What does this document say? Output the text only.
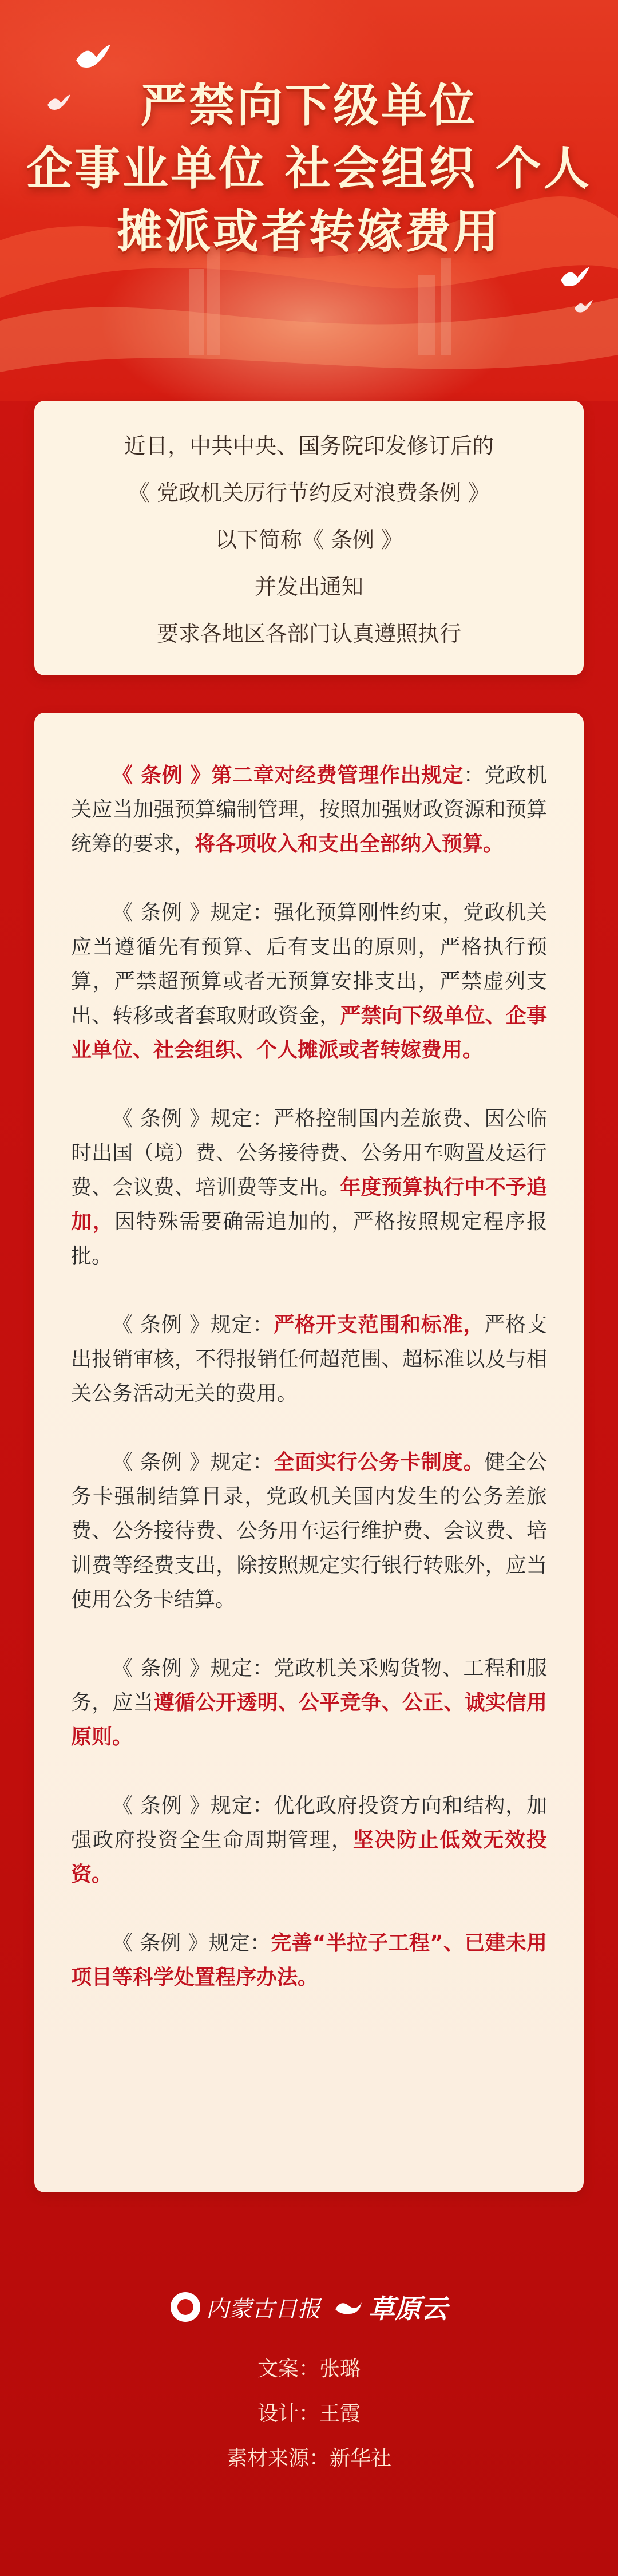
严禁向下级单位
企事业单位 社会组织 个人
摊派或者转嫁费用
近日，中共中央、国务院印发修订后的
《 党政机关厉行节约反对浪费条例 》
以下简称《 条例 》
并发出通知
要求各地区各部门认真遵照执行

《 条例 》第二章对经费管理作出规定：党政机关应当加强预算编制管理，按照加强财政资源和预算统筹的要求，将各项收入和支出全部纳入预算。

《 条例 》规定：强化预算刚性约束，党政机关应当遵循先有预算、后有支出的原则，严格执行预算，严禁超预算或者无预算安排支出，严禁虚列支出、转移或者套取财政资金，严禁向下级单位、企事业单位、社会组织、个人摊派或者转嫁费用。

《 条例 》规定：严格控制国内差旅费、因公临时出国（境）费、公务接待费、公务用车购置及运行费、会议费、培训费等支出。年度预算执行中不予追加，因特殊需要确需追加的，严格按照规定程序报批。

《 条例 》规定：严格开支范围和标准，严格支出报销审核，不得报销任何超范围、超标准以及与相关公务活动无关的费用。

《 条例 》规定：全面实行公务卡制度。健全公务卡强制结算目录，党政机关国内发生的公务差旅费、公务接待费、公务用车运行维护费、会议费、培训费等经费支出，除按照规定实行银行转账外，应当使用公务卡结算。

《 条例 》规定：党政机关采购货物、工程和服务，应当遵循公开透明、公平竞争、公正、诚实信用原则。

《 条例 》规定：优化政府投资方向和结构，加强政府投资全生命周期管理，坚决防止低效无效投资。

《 条例 》规定：完善“半拉子工程”、已建未用项目等科学处置程序办法。

内蒙古日报 草原云
文案：张璐
设计：王霞
素材来源：新华社
